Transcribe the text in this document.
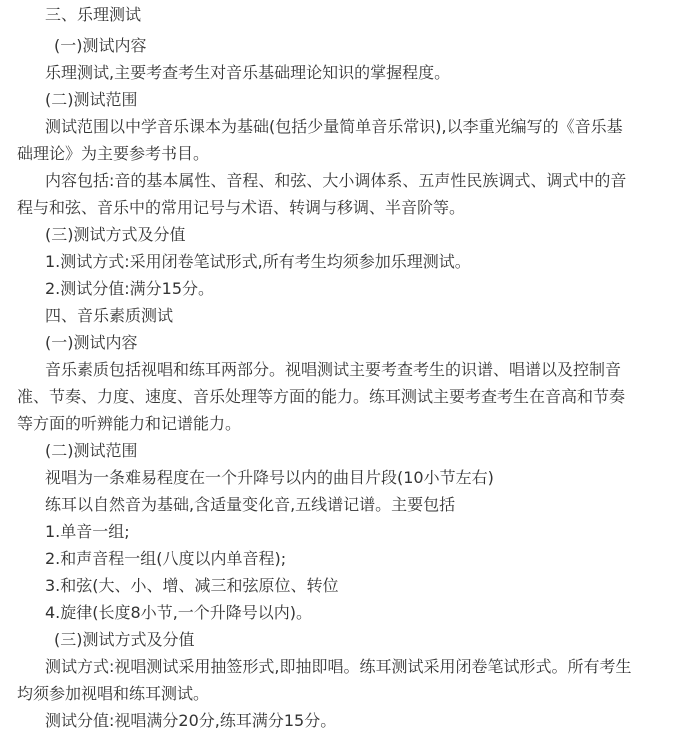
三、乐理测试
(一)测试内容
乐理测试,主要考查考生对音乐基础理论知识的掌握程度。
(二)测试范围
测试范围以中学音乐课本为基础(包括少量简单音乐常识),以李重光编写的《音乐基
础理论》为主要参考书目。
内容包括:音的基本属性、音程、和弦、大小调体系、五声性民族调式、调式中的音
程与和弦、音乐中的常用记号与术语、转调与移调、半音阶等。
(三)测试方式及分值
1.测试方式:采用闭卷笔试形式,所有考生均须参加乐理测试。
2.测试分值:满分15分。
四、音乐素质测试
(一)测试内容
音乐素质包括视唱和练耳两部分。视唱测试主要考查考生的识谱、唱谱以及控制音
准、节奏、力度、速度、音乐处理等方面的能力。练耳测试主要考查考生在音高和节奏
等方面的听辨能力和记谱能力。
(二)测试范围
视唱为一条难易程度在一个升降号以内的曲目片段(10小节左右)
练耳以自然音为基础,含适量变化音,五线谱记谱。主要包括
1.单音一组;
2.和声音程一组(八度以内单音程);
3.和弦(大、小、增、减三和弦原位、转位
4.旋律(长度8小节,一个升降号以内)。
(三)测试方式及分值
测试方式:视唱测试采用抽签形式,即抽即唱。练耳测试采用闭卷笔试形式。所有考生
均须参加视唱和练耳测试。
测试分值:视唱满分20分,练耳满分15分。
